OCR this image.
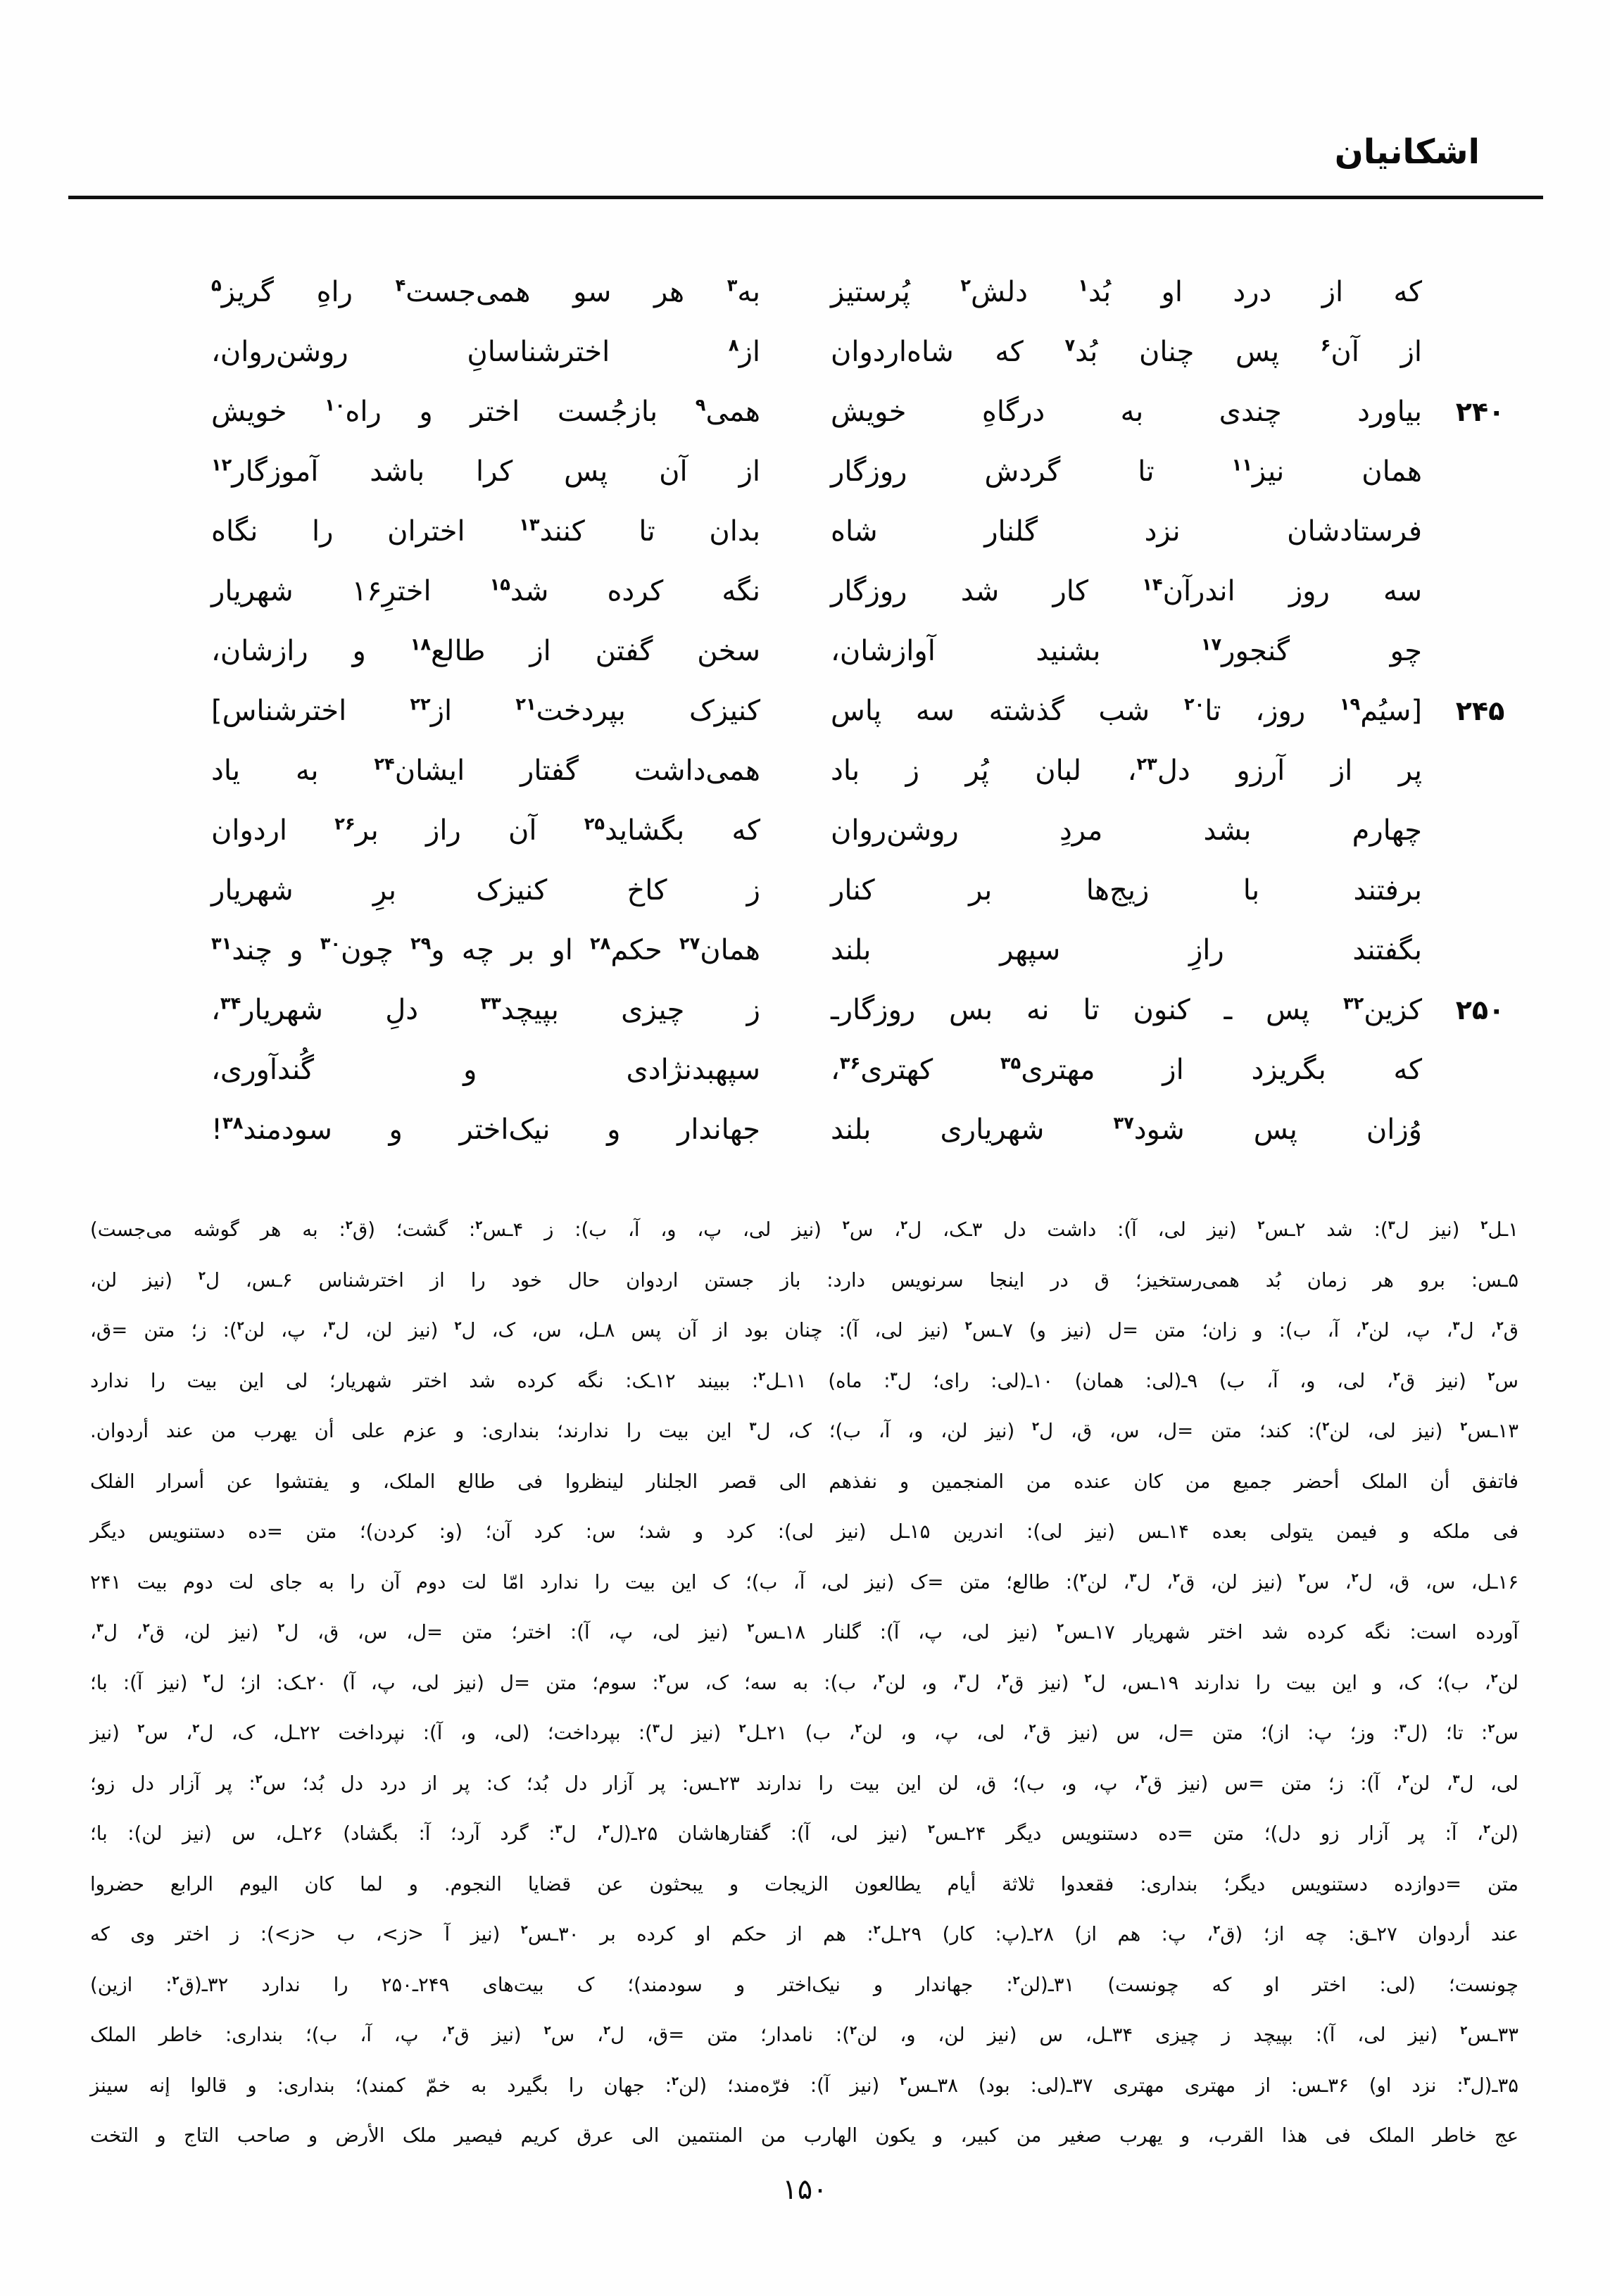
اشکانیان
که از درد او بُد$^۱$ دلش$^۲$ پُرستیز
به$^۳$ هر سو همی‌جست$^۴$ راهِ گریز$^۵$
از آن$^۶$ پس چنان بُد$^۷$ که شاه‌اردوان
از$^۸$ اخترشناسانِ روشن‌روان،
۲۴۰
بیاورد چندی به درگاهِ خویش
همی$^۹$ بازجُست اختر و راه$^{۱۰}$ خویش
همان نیز$^{۱۱}$ تا گردش روزگار
از آن پس کرا باشد آموزگار$^{۱۲}$
فرستادشان نزد گلنار شاه
بدان تا کنند$^{۱۳}$ اختران را نگاه
سه روز اندرآن$^{۱۴}$ کار شد روزگار
نگه کرده شد$^{۱۵}$ اخترِ۱۶ شهریار
چو گنجور$^{۱۷}$ بشنید آوازشان،
سخن گفتن از طالع$^{۱۸}$ و رازشان،
۲۴۵
[سیُم$^{۱۹}$ روز، تا$^{۲۰}$ شب گذشته سه پاس
کنیزک بپردخت$^{۲۱}$ از$^{۲۲}$ اخترشناس]
پر از آرزو دل$^{۲۳}$، لبان پُر ز باد
همی‌داشت گفتار ایشان$^{۲۴}$ به یاد
چهارم بشد مردِ روشن‌روان
که بگشاید$^{۲۵}$ آن راز بر$^{۲۶}$ اردوان
برفتند با زیج‌ها بر کنار
ز کاخ کنیزک برِ شهریار
بگفتند رازِ سپهر بلند
همان$^{۲۷}$ حکم$^{۲۸}$ او بر چه و$^{۲۹}$ چون$^{۳۰}$ و چند$^{۳۱}$
۲۵۰
کزین$^{۳۲}$ پس ـ کنون تا نه بس روزگارـ
ز چیزی بپیچد$^{۳۳}$ دلِ شهریار$^{۳۴}$،
که بگریزد از مهتری$^{۳۵}$ کهتری$^{۳۶}$،
سپهبدنژادی و گُندآوری،
وُزان پس شود$^{۳۷}$ شهریاری بلند
جهاندار و نیک‌اختر و سودمند$^{۳۸}$!
۱ـل$^۲$ (نیز ل$^۳$): شد ۲ـس$^۲$ (نیز لی، آ): داشت دل ۳ـک، ل$^۲$، س$^۲$ (نیز لی، پ، و، آ، ب): ز ۴ـس$^۲$: گشت؛ (ق$^۲$: به هر گوشه می‌جست)
۵ـس: برو هر زمان بُد همی‌رستخیز؛ ق در اینجا سرنویس دارد: باز جستن اردوان حال خود را از اخترشناس ۶ـس، ل$^۲$ (نیز لن،
ق$^۲$، ل$^۳$، پ، لن$^۲$، آ، ب): و زان؛ متن =ل (نیز و) ۷ـس$^۲$ (نیز لی، آ): چنان بود از آن پس ۸ـل، س، ک، ل$^۲$ (نیز لن، ل$^۳$، پ، لن$^۲$): ز؛ متن =ق،
س$^۲$ (نیز ق$^۲$، لی، و، آ، ب) ۹ـ(لی: همان) ۱۰ـ(لی: رای؛ ل$^۳$: ماه) ۱۱ـل$^۲$: ببیند ۱۲ـک: نگه کرده شد اختر شهریار؛ لی این بیت را ندارد
۱۳ـس$^۲$ (نیز لی، لن$^۲$): کند؛ متن =ل، س، ق، ل$^۲$ (نیز لن، و، آ، ب)؛ ک، ل$^۳$ این بیت را ندارند؛ بنداری: و عزم علی أن یهرب من عند أردوان.
فاتفق أن الملک أحضر جمیع من کان عنده من المنجمین و نفذهم الی قصر الجلنار لینظروا فی طالع الملک، و یفتشوا عن أسرار الفلک
فی ملکه و فیمن یتولی بعده ۱۴ـس (نیز لی): اندرین ۱۵ـل (نیز لی): کرد و شد؛ س: کرد آن؛ (و: کردن)؛ متن =ده دستنویس دیگر
۱۶ـل، س، ق، ل$^۲$، س$^۲$ (نیز لن، ق$^۲$، ل$^۳$، لن$^۲$): طالع؛ متن =ک (نیز لی، آ، ب)؛ ک این بیت را ندارد امّا لت دوم آن را به جای لت دوم بیت ۲۴۱
آورده است: نگه کرده شد اختر شهریار ۱۷ـس$^۲$ (نیز لی، پ، آ): گلنار ۱۸ـس$^۲$ (نیز لی، پ، آ): اختر؛ متن =ل، س، ق، ل$^۲$ (نیز لن، ق$^۲$، ل$^۳$،
لن$^۲$، ب)؛ ک، و این بیت را ندارند ۱۹ـس، ل$^۲$ (نیز ق$^۲$، ل$^۳$، و، لن$^۲$، ب): به سه؛ ک، س$^۲$: سوم؛ متن =ل (نیز لی، پ، آ) ۲۰ـک: از؛ ل$^۲$ (نیز آ): با؛
س$^۲$: تا؛ (ل$^۳$: وز؛ پ: از)؛ متن =ل، س (نیز ق$^۲$، لی، پ، و، لن$^۲$، ب) ۲۱ـل$^۲$ (نیز ل$^۳$): بپرداخت؛ (لی، و، آ): نپرداخت ۲۲ـل، ک، ل$^۲$، س$^۲$ (نیز
لی، ل$^۳$، لن$^۲$، آ): ز؛ متن =س (نیز ق$^۲$، پ، و، ب)؛ ق، لن این بیت را ندارند ۲۳ـس: پر آزار دل بُد؛ ک: پر از درد دل بُد؛ س$^۲$: پر آزار دل زو؛
(لن$^۲$، آ: پر آزار زو دل)؛ متن =ده دستنویس دیگر ۲۴ـس$^۲$ (نیز لی، آ): گفتارهاشان ۲۵ـ(ل$^۲$، ل$^۳$: گرد آرد؛ آ: بگشاد) ۲۶ـل، س (نیز لن): با؛
متن =دوازده دستنویس دیگر؛ بنداری: فقعدوا ثلاثة أیام یطالعون الزیجات و یبحثون عن قضایا النجوم. و لما کان الیوم الرابع حضروا
عند أردوان ۲۷ـق: چه از؛ (ق$^۲$، پ: هم از) ۲۸ـ(پ: کار) ۲۹ـل$^۲$: هم از حکم او کرده بر ۳۰ـس$^۲$ (نیز آ <ز>، ب <ز>): ز اختر وی که
چونست؛ (لی: اختر او که چونست) ۳۱ـ(لن$^۲$: جهاندار و نیک‌اختر و سودمند)؛ ک بیت‌های ۲۴۹ـ۲۵۰ را ندارد ۳۲ـ(ق$^۲$: ازین)
۳۳ـس$^۲$ (نیز لی، آ): بپیچد ز چیزی ۳۴ـل، س (نیز لن، و، لن$^۲$): نامدار؛ متن =ق، ل$^۲$، س$^۲$ (نیز ق$^۲$، پ، آ، ب)؛ بنداری: خاطر الملک
۳۵ـ(ل$^۳$: نزد او) ۳۶ـس: از مهتری مهتری ۳۷ـ(لی: بود) ۳۸ـس$^۲$ (نیز آ): فرّه‌مند؛ (لن$^۲$: جهان را بگیرد به خمّ کمند)؛ بنداری: و قالوا إنه سینز
عج خاطر الملک فی هذا القرب، و یهرب صغیر من کبیر، و یکون الهارب من المنتمین الی عرق کریم فیصیر ملک الأرض و صاحب التاج و التخت
۱۵۰
